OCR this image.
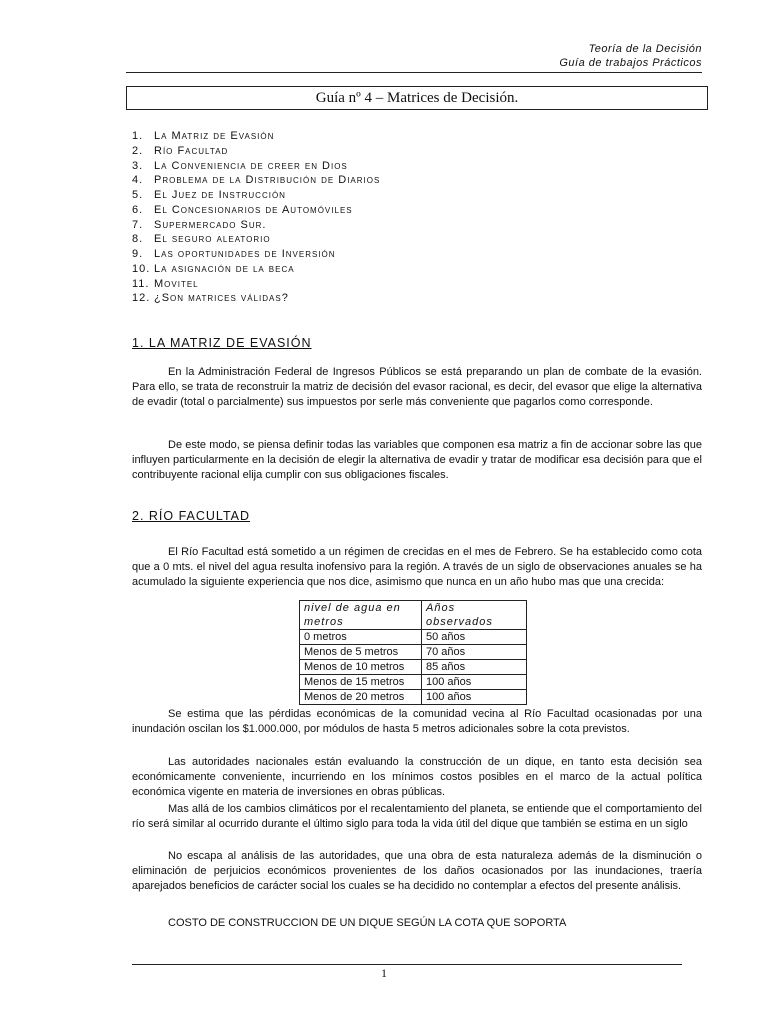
Teoría de la Decisión
Guía de trabajos Prácticos
Guía nº 4 – Matrices de Decisión.
1. La Matriz de Evasión
2. Río Facultad
3. La Conveniencia de creer en Dios
4. Problema de la Distribución de Diarios
5. El Juez de Instrucción
6. El Concesionarios de Automóviles
7. Supermercado Sur.
8. El seguro aleatorio
9. Las oportunidades de Inversión
10. La asignación de la beca
11. Movitel
12. ¿Son matrices válidas?
1. LA MATRIZ DE EVASIÓN
En la Administración Federal de Ingresos Públicos se está preparando un plan de combate de la evasión. Para ello, se trata de reconstruir la matriz de decisión del evasor racional, es decir, del evasor que elige la alternativa de evadir (total o parcialmente) sus impuestos por serle más conveniente que pagarlos como corresponde.
De este modo, se piensa definir todas las variables que componen esa matriz a fin de accionar sobre las que influyen particularmente en la decisión de elegir la alternativa de evadir y tratar de modificar esa decisión para que el contribuyente racional elija cumplir con sus obligaciones fiscales.
2. RÍO FACULTAD
El Río Facultad está sometido a un régimen de crecidas en el mes de Febrero. Se ha establecido como cota que a 0 mts. el nivel del agua resulta inofensivo para la región. A través de un siglo de observaciones anuales se ha acumulado la siguiente experiencia que nos dice, asimismo que nunca en un año hubo mas que una crecida:
nivel de agua en metros	Años observados
0 metros	50 años
Menos de 5 metros	70 años
Menos de 10 metros	85 años
Menos de 15 metros	100 años
Menos de 20 metros	100 años
Se estima que las pérdidas económicas de la comunidad vecina al Río Facultad ocasionadas por una inundación oscilan los $1.000.000, por módulos de hasta 5 metros adicionales sobre la cota previstos.
Las autoridades nacionales están evaluando la construcción de un dique, en tanto esta decisión sea económicamente conveniente, incurriendo en los mínimos costos posibles en el marco de la actual política económica vigente en materia de inversiones en obras públicas.
Mas allá de los cambios climáticos por el recalentamiento del planeta, se entiende que el comportamiento del río será similar al ocurrido durante el último siglo para toda la vida útil del dique que también se estima en un siglo
No escapa al análisis de las autoridades, que una obra de esta naturaleza además de la disminución o eliminación de perjuicios económicos provenientes de los daños ocasionados por las inundaciones, traería aparejados beneficios de carácter social los cuales se ha decidido no contemplar a efectos del presente análisis.
COSTO DE CONSTRUCCION DE UN DIQUE SEGÚN LA COTA QUE SOPORTA
1
